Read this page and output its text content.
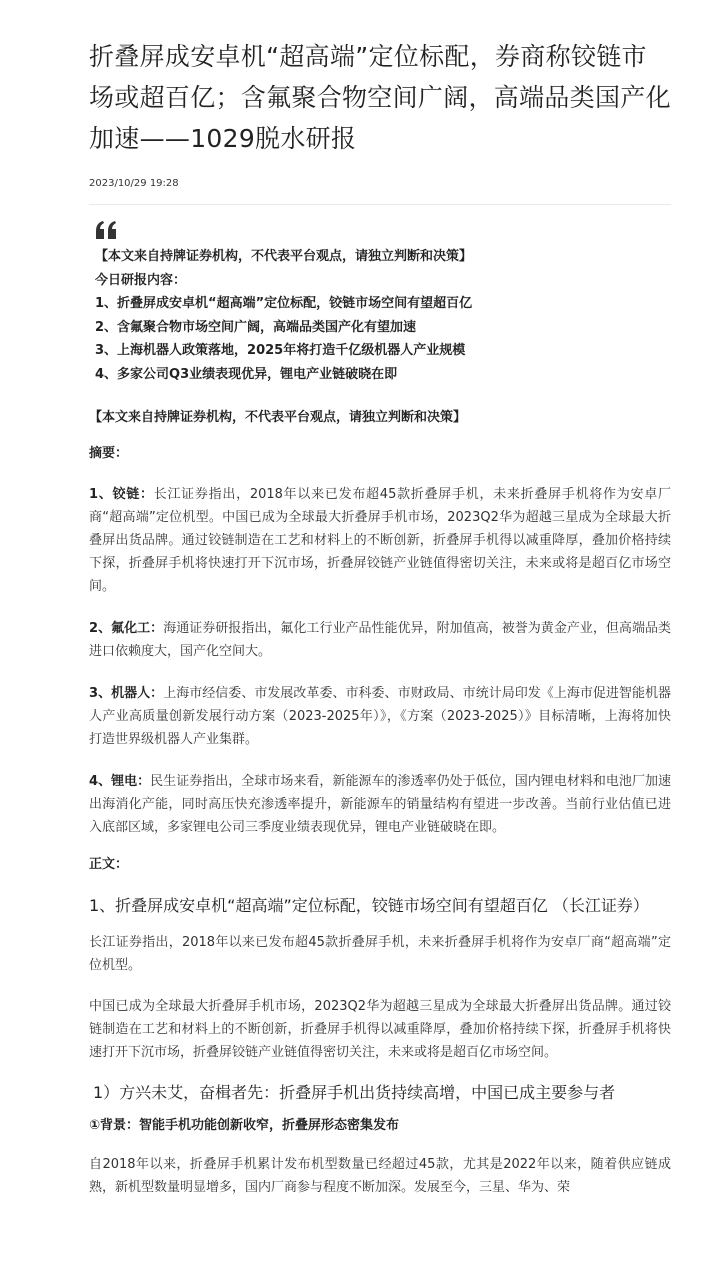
折叠屏成安卓机“超高端”定位标配，券商称铰链市场或超百亿；含氟聚合物空间广阔，高端品类国产化加速——1029脱水研报
2023/10/29 19:28
【本文来自持牌证券机构，不代表平台观点，请独立判断和决策】
今日研报内容：
1、折叠屏成安卓机“超高端”定位标配，铰链市场空间有望超百亿
2、含氟聚合物市场空间广阔，高端品类国产化有望加速
3、上海机器人政策落地，2025年将打造千亿级机器人产业规模
4、多家公司Q3业绩表现优异，锂电产业链破晓在即
【本文来自持牌证券机构，不代表平台观点，请独立判断和决策】
摘要：
1、铰链：长江证券指出，2018年以来已发布超45款折叠屏手机，未来折叠屏手机将作为安卓厂商“超高端”定位机型。中国已成为全球最大折叠屏手机市场，2023Q2华为超越三星成为全球最大折叠屏出货品牌。通过铰链制造在工艺和材料上的不断创新，折叠屏手机得以减重降厚，叠加价格持续下探，折叠屏手机将快速打开下沉市场，折叠屏铰链产业链值得密切关注，未来或将是超百亿市场空间。
2、氟化工：海通证券研报指出，氟化工行业产品性能优异，附加值高，被誉为黄金产业，但高端品类进口依赖度大，国产化空间大。
3、机器人：上海市经信委、市发展改革委、市科委、市财政局、市统计局印发《上海市促进智能机器人产业高质量创新发展行动方案（2023-2025年）》，《方案（2023-2025）》目标清晰，上海将加快打造世界级机器人产业集群。
4、锂电：民生证券指出，全球市场来看，新能源车的渗透率仍处于低位，国内锂电材料和电池厂加速出海消化产能，同时高压快充渗透率提升，新能源车的销量结构有望进一步改善。当前行业估值已进入底部区域，多家锂电公司三季度业绩表现优异，锂电产业链破晓在即。
正文：
1、折叠屏成安卓机“超高端”定位标配，铰链市场空间有望超百亿 （长江证券）
长江证券指出，2018年以来已发布超45款折叠屏手机，未来折叠屏手机将作为安卓厂商“超高端”定位机型。
中国已成为全球最大折叠屏手机市场，2023Q2华为超越三星成为全球最大折叠屏出货品牌。通过铰链制造在工艺和材料上的不断创新，折叠屏手机得以减重降厚，叠加价格持续下探，折叠屏手机将快速打开下沉市场，折叠屏铰链产业链值得密切关注，未来或将是超百亿市场空间。
1）方兴未艾，奋楫者先：折叠屏手机出货持续高增，中国已成主要参与者
①背景：智能手机功能创新收窄，折叠屏形态密集发布
自2018年以来，折叠屏手机累计发布机型数量已经超过45款，尤其是2022年以来，随着供应链成熟，新机型数量明显增多，国内厂商参与程度不断加深。发展至今，三星、华为、荣
